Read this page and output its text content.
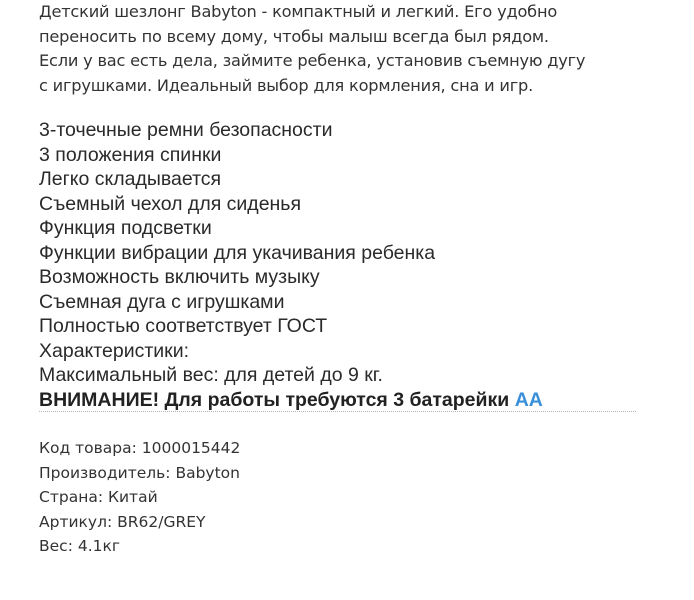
Детский шезлонг Babyton - компактный и легкий. Его удобно
переносить по всему дому, чтобы малыш всегда был рядом.
Если у вас есть дела, займите ребенка, установив съемную дугу
с игрушками. Идеальный выбор для кормления, сна и игр.
3-точечные ремни безопасности
3 положения спинки
Легко складывается
Съемный чехол для сиденья
Функция подсветки
Функции вибрации для укачивания ребенка
Возможность включить музыку
Съемная дуга с игрушками
Полностью соответствует ГОСТ
Характеристики:
Максимальный вес: для детей до 9 кг.
ВНИМАНИЕ! Для работы требуются 3 батарейки AA
Код товара: 1000015442
Производитель: Babyton
Страна: Китай
Артикул: BR62/GREY
Вес: 4.1кг
